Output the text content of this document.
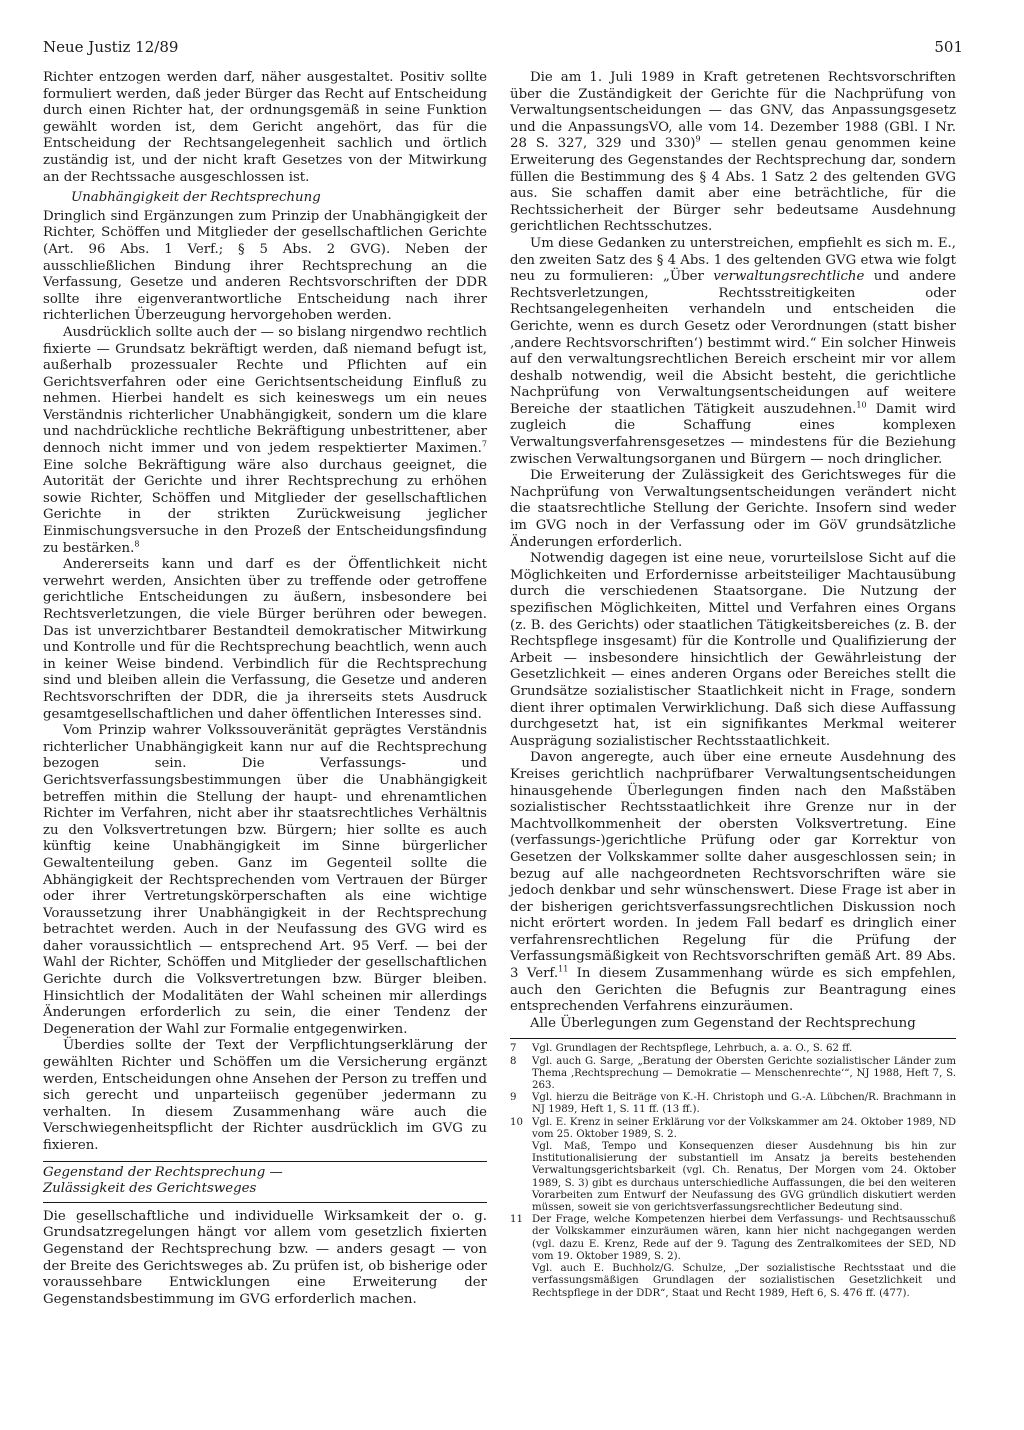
Neue Justiz 12/89	501

Richter entzogen werden darf, näher ausgestaltet. Positiv sollte formuliert werden, daß jeder Bürger das Recht auf Entscheidung durch einen Richter hat, der ordnungsgemäß in seine Funktion gewählt worden ist, dem Gericht angehört, das für die Entscheidung der Rechtsangelegenheit sachlich und örtlich zuständig ist, und der nicht kraft Gesetzes von der Mitwirkung an der Rechtssache ausgeschlossen ist.

Unabhängigkeit der Rechtsprechung

Dringlich sind Ergänzungen zum Prinzip der Unabhängigkeit der Richter, Schöffen und Mitglieder der gesellschaftlichen Gerichte (Art. 96 Abs. 1 Verf.; § 5 Abs. 2 GVG). Neben der ausschließlichen Bindung ihrer Rechtsprechung an die Verfassung, Gesetze und anderen Rechtsvorschriften der DDR sollte ihre eigenverantwortliche Entscheidung nach ihrer richterlichen Überzeugung hervorgehoben werden.

Ausdrücklich sollte auch der — so bislang nirgendwo rechtlich fixierte — Grundsatz bekräftigt werden, daß niemand befugt ist, außerhalb prozessualer Rechte und Pflichten auf ein Gerichtsverfahren oder eine Gerichtsentscheidung Einfluß zu nehmen. Hierbei handelt es sich keineswegs um ein neues Verständnis richterlicher Unabhängigkeit, sondern um die klare und nachdrückliche rechtliche Bekräftigung unbestrittener, aber dennoch nicht immer und von jedem respektierter Maximen.$^7$ Eine solche Bekräftigung wäre also durchaus geeignet, die Autorität der Gerichte und ihrer Rechtsprechung zu erhöhen sowie Richter, Schöffen und Mitglieder der gesellschaftlichen Gerichte in der strikten Zurückweisung jeglicher Einmischungsversuche in den Prozeß der Entscheidungsfindung zu bestärken.$^8$

Andererseits kann und darf es der Öffentlichkeit nicht verwehrt werden, Ansichten über zu treffende oder getroffene gerichtliche Entscheidungen zu äußern, insbesondere bei Rechtsverletzungen, die viele Bürger berühren oder bewegen. Das ist unverzichtbarer Bestandteil demokratischer Mitwirkung und Kontrolle und für die Rechtsprechung beachtlich, wenn auch in keiner Weise bindend. Verbindlich für die Rechtsprechung sind und bleiben allein die Verfassung, die Gesetze und anderen Rechtsvorschriften der DDR, die ja ihrerseits stets Ausdruck gesamtgesellschaftlichen und daher öffentlichen Interesses sind.

Vom Prinzip wahrer Volkssouveränität geprägtes Verständnis richterlicher Unabhängigkeit kann nur auf die Rechtsprechung bezogen sein. Die Verfassungs- und Gerichtsverfassungsbestimmungen über die Unabhängigkeit betreffen mithin die Stellung der haupt- und ehrenamtlichen Richter im Verfahren, nicht aber ihr staatsrechtliches Verhältnis zu den Volksvertretungen bzw. Bürgern; hier sollte es auch künftig keine Unabhängigkeit im Sinne bürgerlicher Gewaltenteilung geben. Ganz im Gegenteil sollte die Abhängigkeit der Rechtsprechenden vom Vertrauen der Bürger oder ihrer Vertretungskörperschaften als eine wichtige Voraussetzung ihrer Unabhängigkeit in der Rechtsprechung betrachtet werden. Auch in der Neufassung des GVG wird es daher voraussichtlich — entsprechend Art. 95 Verf. — bei der Wahl der Richter, Schöffen und Mitglieder der gesellschaftlichen Gerichte durch die Volksvertretungen bzw. Bürger bleiben. Hinsichtlich der Modalitäten der Wahl scheinen mir allerdings Änderungen erforderlich zu sein, die einer Tendenz der Degeneration der Wahl zur Formalie entgegenwirken.

Überdies sollte der Text der Verpflichtungserklärung der gewählten Richter und Schöffen um die Versicherung ergänzt werden, Entscheidungen ohne Ansehen der Person zu treffen und sich gerecht und unparteiisch gegenüber jedermann zu verhalten. In diesem Zusammenhang wäre auch die Verschwiegenheitspflicht der Richter ausdrücklich im GVG zu fixieren.

Gegenstand der Rechtsprechung —
Zulässigkeit des Gerichtsweges

Die gesellschaftliche und individuelle Wirksamkeit der o. g. Grundsatzregelungen hängt vor allem vom gesetzlich fixierten Gegenstand der Rechtsprechung bzw. — anders gesagt — von der Breite des Gerichtsweges ab. Zu prüfen ist, ob bisherige oder voraussehbare Entwicklungen eine Erweiterung der Gegenstandsbestimmung im GVG erforderlich machen.

Die am 1. Juli 1989 in Kraft getretenen Rechtsvorschriften über die Zuständigkeit der Gerichte für die Nachprüfung von Verwaltungsentscheidungen — das GNV, das Anpassungsgesetz und die AnpassungsVO, alle vom 14. Dezember 1988 (GBl. I Nr. 28 S. 327, 329 und 330)$^9$ — stellen genau genommen keine Erweiterung des Gegenstandes der Rechtsprechung dar, sondern füllen die Bestimmung des § 4 Abs. 1 Satz 2 des geltenden GVG aus. Sie schaffen damit aber eine beträchtliche, für die Rechtssicherheit der Bürger sehr bedeutsame Ausdehnung gerichtlichen Rechtsschutzes.

Um diese Gedanken zu unterstreichen, empfiehlt es sich m. E., den zweiten Satz des § 4 Abs. 1 des geltenden GVG etwa wie folgt neu zu formulieren: „Über verwaltungsrechtliche und andere Rechtsverletzungen, Rechtsstreitigkeiten oder Rechtsangelegenheiten verhandeln und entscheiden die Gerichte, wenn es durch Gesetz oder Verordnungen (statt bisher ‚andere Rechtsvorschriften‘) bestimmt wird.“ Ein solcher Hinweis auf den verwaltungsrechtlichen Bereich erscheint mir vor allem deshalb notwendig, weil die Absicht besteht, die gerichtliche Nachprüfung von Verwaltungsentscheidungen auf weitere Bereiche der staatlichen Tätigkeit auszudehnen.$^{10}$ Damit wird zugleich die Schaffung eines komplexen Verwaltungsverfahrensgesetzes — mindestens für die Beziehung zwischen Verwaltungsorganen und Bürgern — noch dringlicher.

Die Erweiterung der Zulässigkeit des Gerichtsweges für die Nachprüfung von Verwaltungsentscheidungen verändert nicht die staatsrechtliche Stellung der Gerichte. Insofern sind weder im GVG noch in der Verfassung oder im GöV grundsätzliche Änderungen erforderlich.

Notwendig dagegen ist eine neue, vorurteilslose Sicht auf die Möglichkeiten und Erfordernisse arbeitsteiliger Machtausübung durch die verschiedenen Staatsorgane. Die Nutzung der spezifischen Möglichkeiten, Mittel und Verfahren eines Organs (z. B. des Gerichts) oder staatlichen Tätigkeitsbereiches (z. B. der Rechtspflege insgesamt) für die Kontrolle und Qualifizierung der Arbeit — insbesondere hinsichtlich der Gewährleistung der Gesetzlichkeit — eines anderen Organs oder Bereiches stellt die Grundsätze sozialistischer Staatlichkeit nicht in Frage, sondern dient ihrer optimalen Verwirklichung. Daß sich diese Auffassung durchgesetzt hat, ist ein signifikantes Merkmal weiterer Ausprägung sozialistischer Rechtsstaatlichkeit.

Davon angeregte, auch über eine erneute Ausdehnung des Kreises gerichtlich nachprüfbarer Verwaltungsentscheidungen hinausgehende Überlegungen finden nach den Maßstäben sozialistischer Rechtsstaatlichkeit ihre Grenze nur in der Machtvollkommenheit der obersten Volksvertretung. Eine (verfassungs-)gerichtliche Prüfung oder gar Korrektur von Gesetzen der Volkskammer sollte daher ausgeschlossen sein; in bezug auf alle nachgeordneten Rechtsvorschriften wäre sie jedoch denkbar und sehr wünschenswert. Diese Frage ist aber in der bisherigen gerichtsverfassungsrechtlichen Diskussion noch nicht erörtert worden. In jedem Fall bedarf es dringlich einer verfahrensrechtlichen Regelung für die Prüfung der Verfassungsmäßigkeit von Rechtsvorschriften gemäß Art. 89 Abs. 3 Verf.$^{11}$ In diesem Zusammenhang würde es sich empfehlen, auch den Gerichten die Befugnis zur Beantragung eines entsprechenden Verfahrens einzuräumen.

Alle Überlegungen zum Gegenstand der Rechtsprechung

7	Vgl. Grundlagen der Rechtspflege, Lehrbuch, a. a. O., S. 62 ff.
8	Vgl. auch G. Sarge, „Beratung der Obersten Gerichte sozialistischer Länder zum Thema ‚Rechtsprechung — Demokratie — Menschenrechte‘“, NJ 1988, Heft 7, S. 263.
9	Vgl. hierzu die Beiträge von K.-H. Christoph und G.-A. Lübchen/R. Brachmann in NJ 1989, Heft 1, S. 11 ff. (13 ff.).
10 Vgl. E. Krenz in seiner Erklärung vor der Volkskammer am 24. Oktober 1989, ND vom 25. Oktober 1989, S. 2.
Vgl. Maß, Tempo und Konsequenzen dieser Ausdehnung bis hin zur Institutionalisierung der substantiell im Ansatz ja bereits bestehenden Verwaltungsgerichtsbarkeit (vgl. Ch. Renatus, Der Morgen vom 24. Oktober 1989, S. 3) gibt es durchaus unterschiedliche Auffassungen, die bei den weiteren Vorarbeiten zum Entwurf der Neufassung des GVG gründlich diskutiert werden müssen, soweit sie von gerichtsverfassungsrechtlicher Bedeutung sind.
11 Der Frage, welche Kompetenzen hierbei dem Verfassungs- und Rechtsausschuß der Volkskammer einzuräumen wären, kann hier nicht nachgegangen werden (vgl. dazu E. Krenz, Rede auf der 9. Tagung des Zentralkomitees der SED, ND vom 19. Oktober 1989, S. 2).
Vgl. auch E. Buchholz/G. Schulze, „Der sozialistische Rechtsstaat und die verfassungsmäßigen Grundlagen der sozialistischen Gesetzlichkeit und Rechtspflege in der DDR“, Staat und Recht 1989, Heft 6, S. 476 ff. (477).
